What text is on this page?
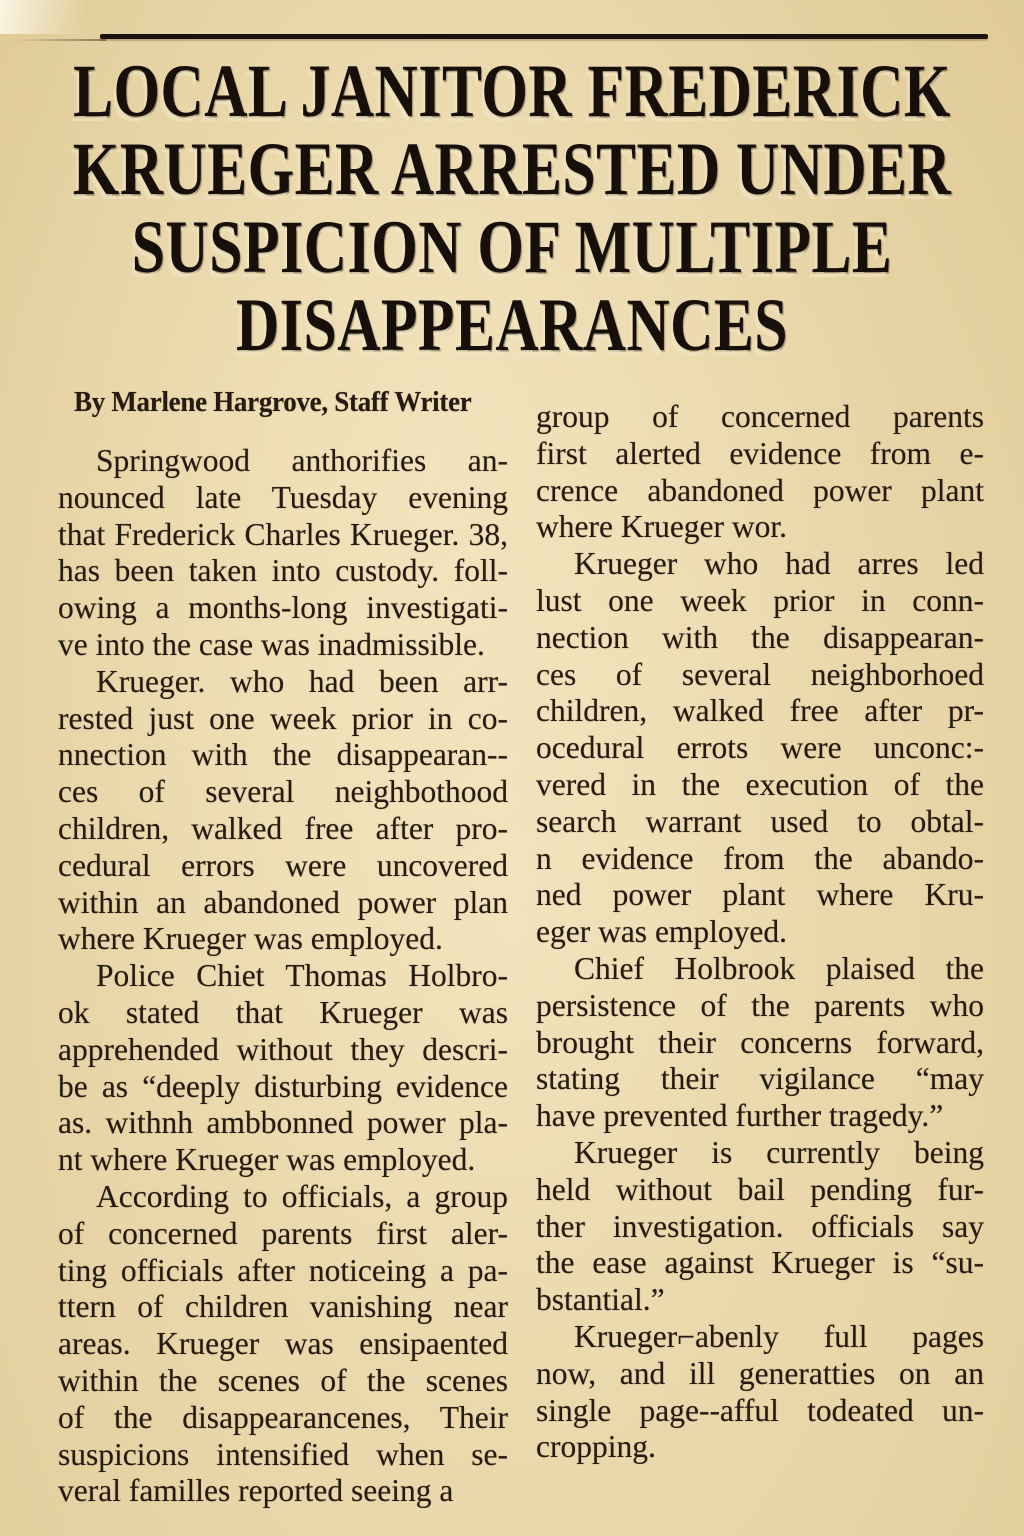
LOCAL JANITOR FREDERICK
KRUEGER ARRESTED UNDER
SUSPICION OF MULTIPLE
DISAPPEARANCES
By Marlene Hargrove, Staff Writer
Springwood anthorifies an-
nounced late Tuesday evening
that Frederick Charles Krueger. 38,
has been taken into custody. foll-
owing a months-long investigati-
ve into the case was inadmissible.
Krueger. who had been arr-
rested just one week prior in co-
nnection with the disappearan--
ces of several neighbothood
children, walked free after pro-
cedural errors were uncovered
within an abandoned power plan
where Krueger was employed.
Police Chiet Thomas Holbro-
ok stated that Krueger was
apprehended without they descri-
be as “deeply disturbing evidence
as. withnh ambbonned power pla-
nt where Krueger was employed.
According to officials, a group
of concerned parents first aler-
ting officials after noticeing a pa-
ttern of children vanishing near
areas. Krueger was ensipaented
within the scenes of the scenes
of the disappearancenes, Their
suspicions intensified when se-
veral familles reported seeing a
group of concerned parents
first alerted evidence from e-
crence abandoned power plant
where Krueger wor.
Krueger who had arres led
lust one week prior in conn-
nection with the disappearan-
ces of several neighborhoed
children, walked free after pr-
ocedural errots were unconc:-
vered in the execution of the
search warrant used to obtal-
n evidence from the abando-
ned power plant where Kru-
eger was employed.
Chief Holbrook plaised the
persistence of the parents who
brought their concerns forward,
stating their vigilance “may
have prevented further tragedy.”
Krueger is currently being
held without bail pending fur-
ther investigation. officials say
the ease against Krueger is “su-
bstantial.”
Krueger⌐abenly full pages
now, and ill generatties on an
single page--afful todeated un-
cropping.
